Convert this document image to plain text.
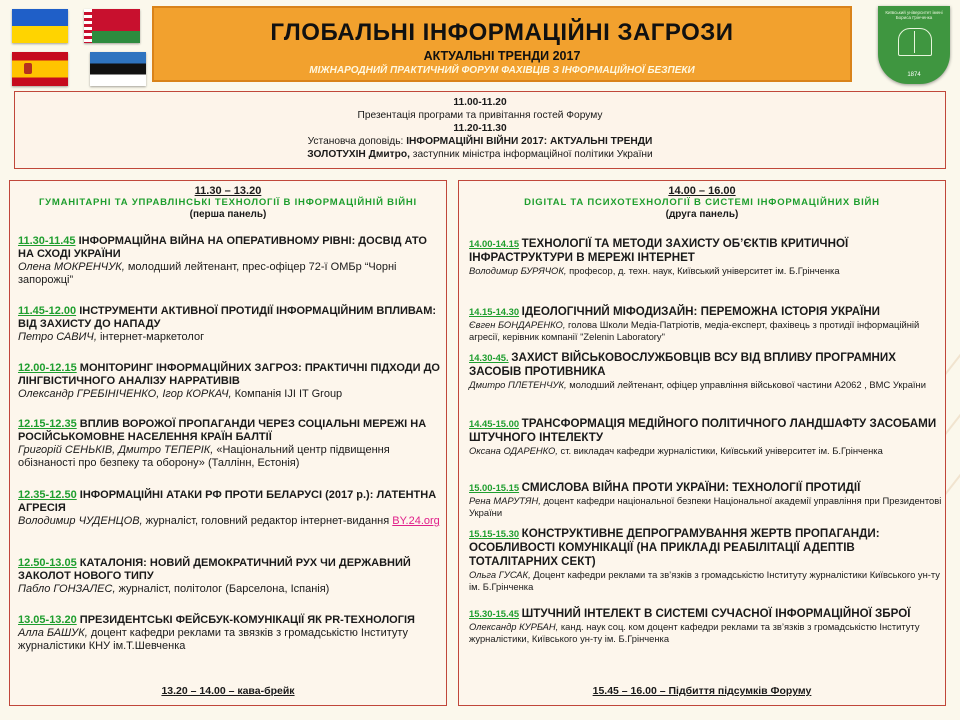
ГЛОБАЛЬНІ ІНФОРМАЦІЙНІ ЗАГРОЗИ
АКТУАЛЬНІ ТРЕНДИ 2017
МІЖНАРОДНИЙ ПРАКТИЧНИЙ ФОРУМ ФАХІВЦІВ З ІНФОРМАЦІЙНОЇ БЕЗПЕКИ
Київський університет імені Бориса Грінченка
1874
11.00-11.20
Презентація програми та привітання гостей Форуму
11.20-11.30
Установча доповідь: ІНФОРМАЦІЙНІ ВІЙНИ 2017: АКТУАЛЬНІ ТРЕНДИ
ЗОЛОТУХІН Дмитро, заступник міністра інформаційної політики України
11.30 – 13.20
ГУМАНІТАРНІ ТА УПРАВЛІНСЬКІ ТЕХНОЛОГІЇ В ІНФОРМАЦІЙНІЙ ВІЙНІ
(перша панель)
11.30-11.45 ІНФОРМАЦІЙНА ВІЙНА НА ОПЕРАТИВНОМУ РІВНІ: ДОСВІД АТО НА СХОДІ УКРАЇНИ
Олена МОКРЕНЧУК, молодший лейтенант, прес-офіцер 72-ї ОМБр “Чорні запорожці”
11.45-12.00 ІНСТРУМЕНТИ АКТИВНОЇ ПРОТИДІЇ ІНФОРМАЦІЙНИМ ВПЛИВАМ: ВІД ЗАХИСТУ ДО НАПАДУ
Петро САВИЧ, інтернет-маркетолог
12.00-12.15 МОНІТОРИНГ ІНФОРМАЦІЙНИХ ЗАГРОЗ: ПРАКТИЧНІ ПІДХОДИ ДО ЛІНГВІСТИЧНОГО АНАЛІЗУ НАРРАТИВІВ
Олександр ГРЕБІНІЧЕНКО, Ігор КОРКАЧ, Компанія IJI IT Group
12.15-12.35 ВПЛИВ ВОРОЖОЇ ПРОПАГАНДИ ЧЕРЕЗ СОЦІАЛЬНІ МЕРЕЖІ НА РОСІЙСЬКОМОВНЕ НАСЕЛЕННЯ КРАЇН БАЛТІЇ
Григорій СЕНЬКІВ, Дмитро ТЕПЕРІК, «Національний центр підвищення обізнаності про безпеку та оборону» (Таллінн, Естонія)
12.35-12.50 ІНФОРМАЦІЙНІ АТАКИ РФ ПРОТИ БЕЛАРУСІ (2017 р.): ЛАТЕНТНА АГРЕСІЯ
Володимир ЧУДЕНЦОВ, журналіст, головний редактор інтернет-видання BY.24.org
12.50-13.05 КАТАЛОНІЯ: НОВИЙ ДЕМОКРАТИЧНИЙ РУХ ЧИ ДЕРЖАВНИЙ ЗАКОЛОТ НОВОГО ТИПУ
Пабло ГОНЗАЛЕС, журналіст, політолог (Барселона, Іспанія)
13.05-13.20 ПРЕЗИДЕНТСЬКІ ФЕЙСБУК-КОМУНІКАЦІЇ ЯК PR-ТЕХНОЛОГІЯ
Алла БАШУК, доцент кафедри реклами та звязків з громадськістю Інституту журналістики КНУ ім.Т.Шевченка
13.20 – 14.00 – кава-брейк
14.00 – 16.00
DIGITAL ТА ПСИХОТЕХНОЛОГІЇ В СИСТЕМІ ІНФОРМАЦІЙНИХ ВІЙН
(друга панель)
14.00-14.15 ТЕХНОЛОГІЇ ТА МЕТОДИ ЗАХИСТУ ОБ’ЄКТІВ КРИТИЧНОЇ ІНФРАСТРУКТУРИ В МЕРЕЖІ ІНТЕРНЕТ
Володимир БУРЯЧОК, професор, д. техн. наук, Київський університет ім. Б.Грінченка
14.15-14.30 ІДЕОЛОГІЧНИЙ МІФОДИЗАЙН: ПЕРЕМОЖНА ІСТОРІЯ УКРАЇНИ
Євген БОНДАРЕНКО, голова Школи Медіа-Патріотів, медіа-експерт, фахівець з протидії інформаційній агресії, керівник компанії "Zelenin Laboratory"
14.30-45. ЗАХИСТ ВІЙСЬКОВОСЛУЖБОВЦІВ ВСУ ВІД ВПЛИВУ ПРОГРАМНИХ ЗАСОБІВ ПРОТИВНИКА
Дмитро ПЛЕТЕНЧУК, молодший лейтенант, офіцер управління військової частини А2062 , ВМС України
14.45-15.00 ТРАНСФОРМАЦІЯ МЕДІЙНОГО ПОЛІТИЧНОГО ЛАНДШАФТУ ЗАСОБАМИ ШТУЧНОГО ІНТЕЛЕКТУ
Оксана ОДАРЕНКО, ст. викладач кафедри журналістики, Київський університет ім. Б.Грінченка
15.00-15.15 СМИСЛОВА ВІЙНА ПРОТИ УКРАЇНИ: ТЕХНОЛОГІЇ ПРОТИДІЇ
Рена МАРУТЯН, доцент кафедри національної безпеки Національної академії управління при Президентові України
15.15-15.30 КОНСТРУКТИВНЕ ДЕПРОГРАМУВАННЯ ЖЕРТВ ПРОПАГАНДИ: ОСОБЛИВОСТІ КОМУНІКАЦІЇ (НА ПРИКЛАДІ РЕАБІЛІТАЦІЇ АДЕПТІВ ТОТАЛІТАРНИХ СЕКТ)
Ольга ГУСАК, Доцент кафедри реклами та зв’язків з громадськістю Інституту журналістики Київського ун-ту ім. Б.Грінченка
15.30-15.45 ШТУЧНИЙ ІНТЕЛЕКТ В СИСТЕМІ СУЧАСНОЇ ІНФОРМАЦІЙНОЇ ЗБРОЇ
Олександр КУРБАН, канд. наук соц. ком доцент кафедри реклами та зв’язків з громадськістю Інституту журналістики, Київського ун-ту ім. Б.Грінченка
15.45 – 16.00 – Підбиття підсумків Форуму
